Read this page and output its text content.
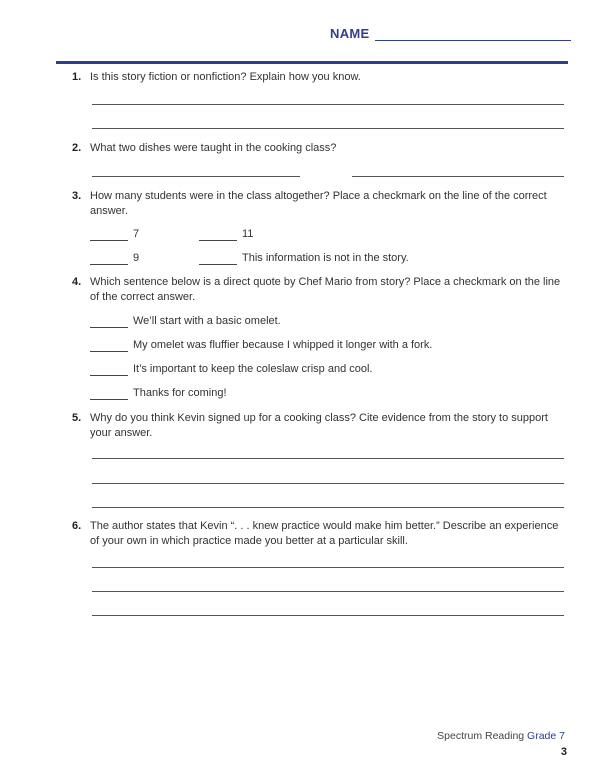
NAME
1. Is this story fiction or nonfiction? Explain how you know.
2. What two dishes were taught in the cooking class?
3. How many students were in the class altogether? Place a checkmark on the line of the correct answer.
7	11
9	This information is not in the story.
4. Which sentence below is a direct quote by Chef Mario from story? Place a checkmark on the line of the correct answer.
We’ll start with a basic omelet.
My omelet was fluffier because I whipped it longer with a fork.
It’s important to keep the coleslaw crisp and cool.
Thanks for coming!
5. Why do you think Kevin signed up for a cooking class? Cite evidence from the story to support your answer.
6. The author states that Kevin “. . . knew practice would make him better.” Describe an experience of your own in which practice made you better at a particular skill.
Spectrum Reading Grade 7
3
